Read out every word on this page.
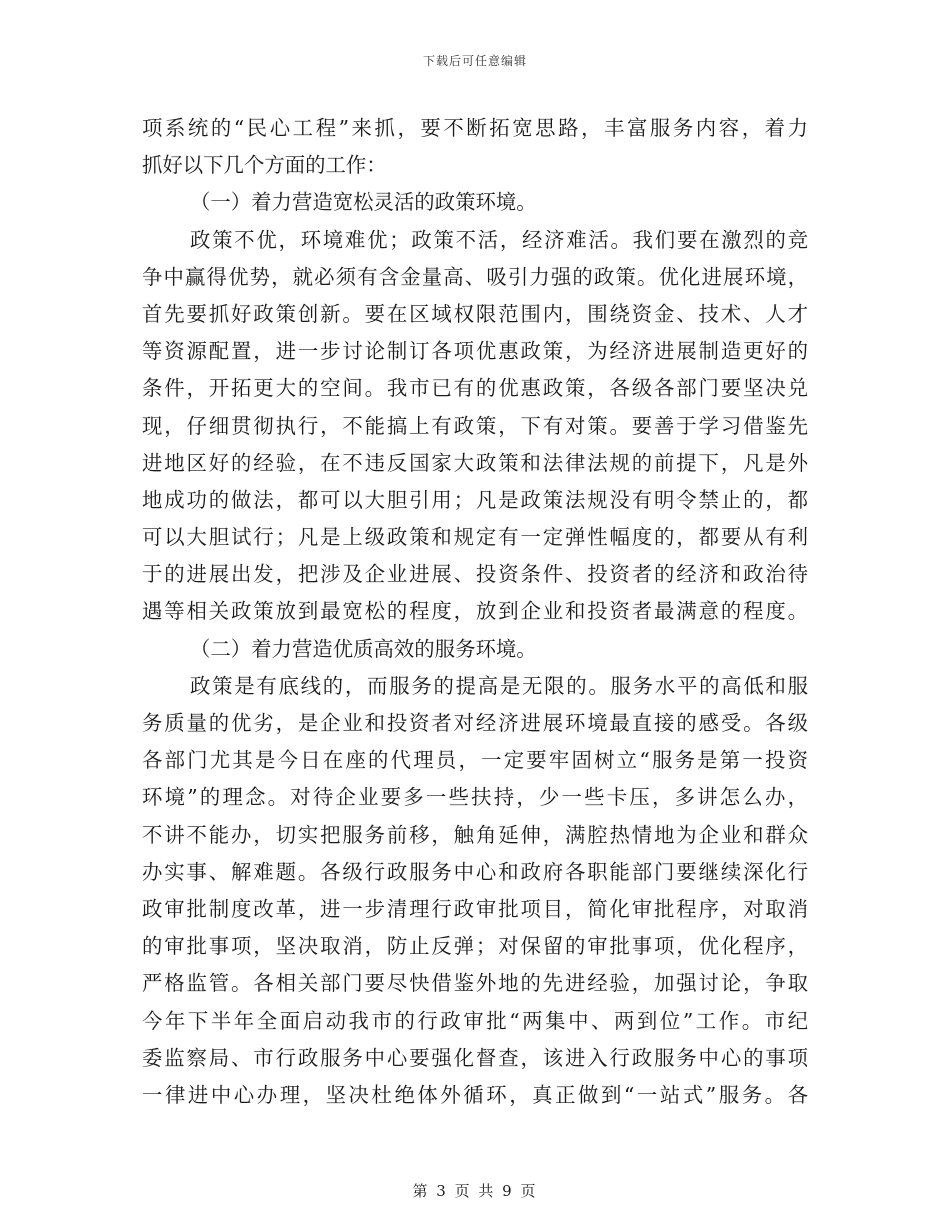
下载后可任意编辑
项系统的“民心工程”来抓，要不断拓宽思路，丰富服务内容，着力
抓好以下几个方面的工作：
（一）着力营造宽松灵活的政策环境。
政策不优，环境难优；政策不活，经济难活。我们要在激烈的竞
争中赢得优势，就必须有含金量高、吸引力强的政策。优化进展环境，
首先要抓好政策创新。要在区域权限范围内，围绕资金、技术、人才
等资源配置，进一步讨论制订各项优惠政策，为经济进展制造更好的
条件，开拓更大的空间。我市已有的优惠政策，各级各部门要坚决兑
现，仔细贯彻执行，不能搞上有政策，下有对策。要善于学习借鉴先
进地区好的经验，在不违反国家大政策和法律法规的前提下，凡是外
地成功的做法，都可以大胆引用；凡是政策法规没有明令禁止的，都
可以大胆试行；凡是上级政策和规定有一定弹性幅度的，都要从有利
于的进展出发，把涉及企业进展、投资条件、投资者的经济和政治待
遇等相关政策放到最宽松的程度，放到企业和投资者最满意的程度。
（二）着力营造优质高效的服务环境。
政策是有底线的，而服务的提高是无限的。服务水平的高低和服
务质量的优劣，是企业和投资者对经济进展环境最直接的感受。各级
各部门尤其是今日在座的代理员，一定要牢固树立“服务是第一投资
环境”的理念。对待企业要多一些扶持，少一些卡压，多讲怎么办，
不讲不能办，切实把服务前移，触角延伸，满腔热情地为企业和群众
办实事、解难题。各级行政服务中心和政府各职能部门要继续深化行
政审批制度改革，进一步清理行政审批项目，简化审批程序，对取消
的审批事项，坚决取消，防止反弹；对保留的审批事项，优化程序，
严格监管。各相关部门要尽快借鉴外地的先进经验，加强讨论，争取
今年下半年全面启动我市的行政审批“两集中、两到位”工作。市纪
委监察局、市行政服务中心要强化督查，该进入行政服务中心的事项
一律进中心办理，坚决杜绝体外循环，真正做到“一站式”服务。各
第 3 页 共 9 页
